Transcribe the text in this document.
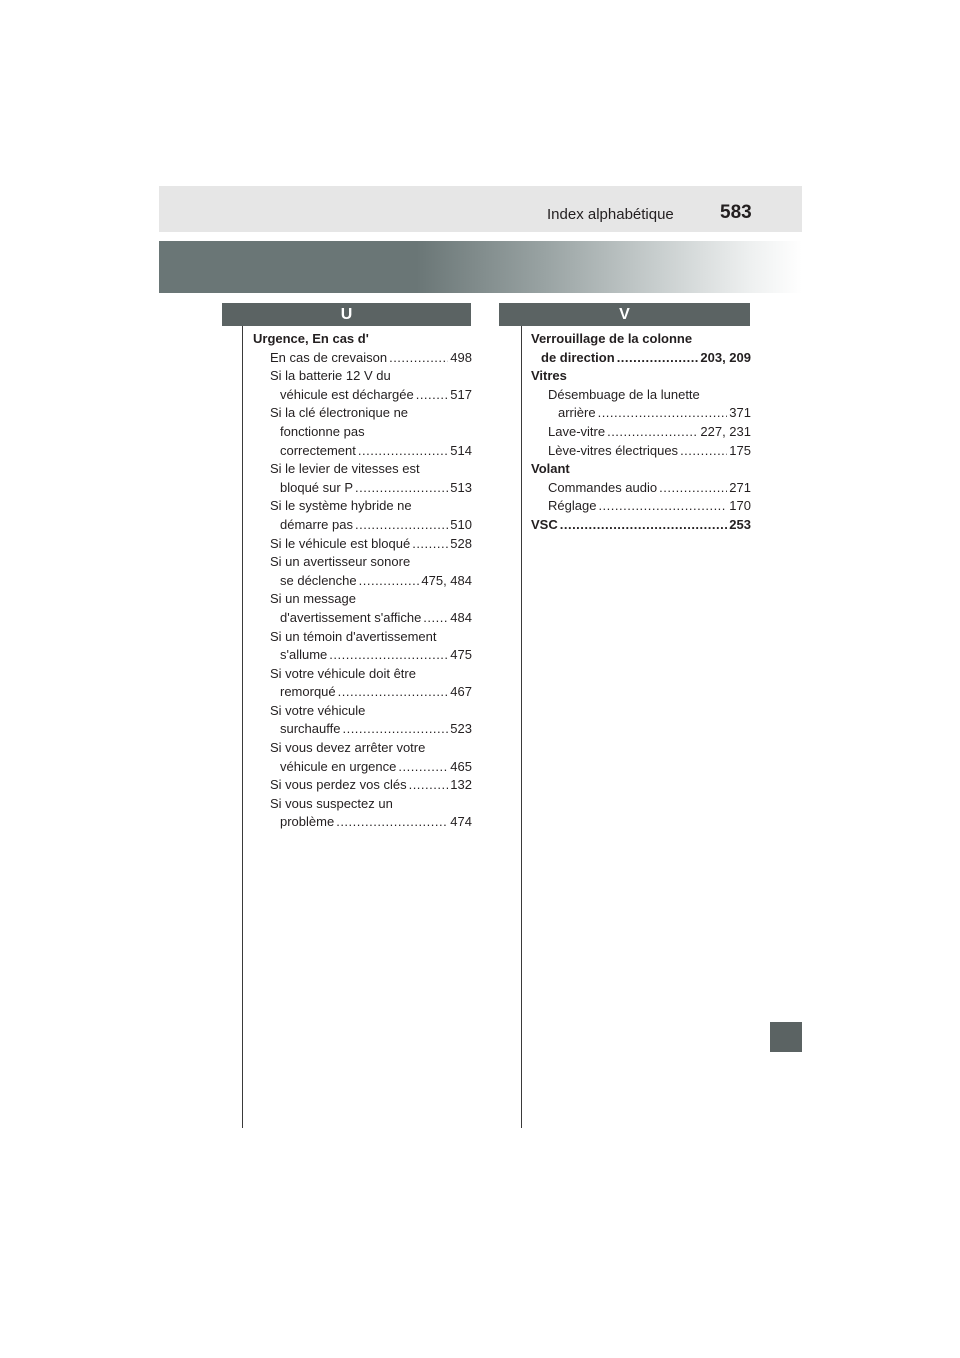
Index alphabétique 583
U
Urgence, En cas d'
En cas de crevaison .....	498
Si la batterie 12 V du
véhicule est déchargée .....	517
Si la clé électronique ne
fonctionne pas
correctement .....	514
Si le levier de vitesses est
bloqué sur P .....	513
Si le système hybride ne
démarre pas .....	510
Si le véhicule est bloqué .....	528
Si un avertisseur sonore
se déclenche .....	475, 484
Si un message
d'avertissement s'affiche ..... 484
Si un témoin d'avertissement
s'allume .....	475
Si votre véhicule doit être
remorqué .....	467
Si votre véhicule
surchauffe .....	523
Si vous devez arrêter votre
véhicule en urgence .....	465
Si vous perdez vos clés .....	132
Si vous suspectez un
problème .....	474
V
Verrouillage de la colonne
de direction .....	203, 209
Vitres
Désembuage de la lunette
arrière .....	371
Lave-vitre .....	227, 231
Lève-vitres électriques .....	175
Volant
Commandes audio .....	271
Réglage .....	170
VSC .....	253
